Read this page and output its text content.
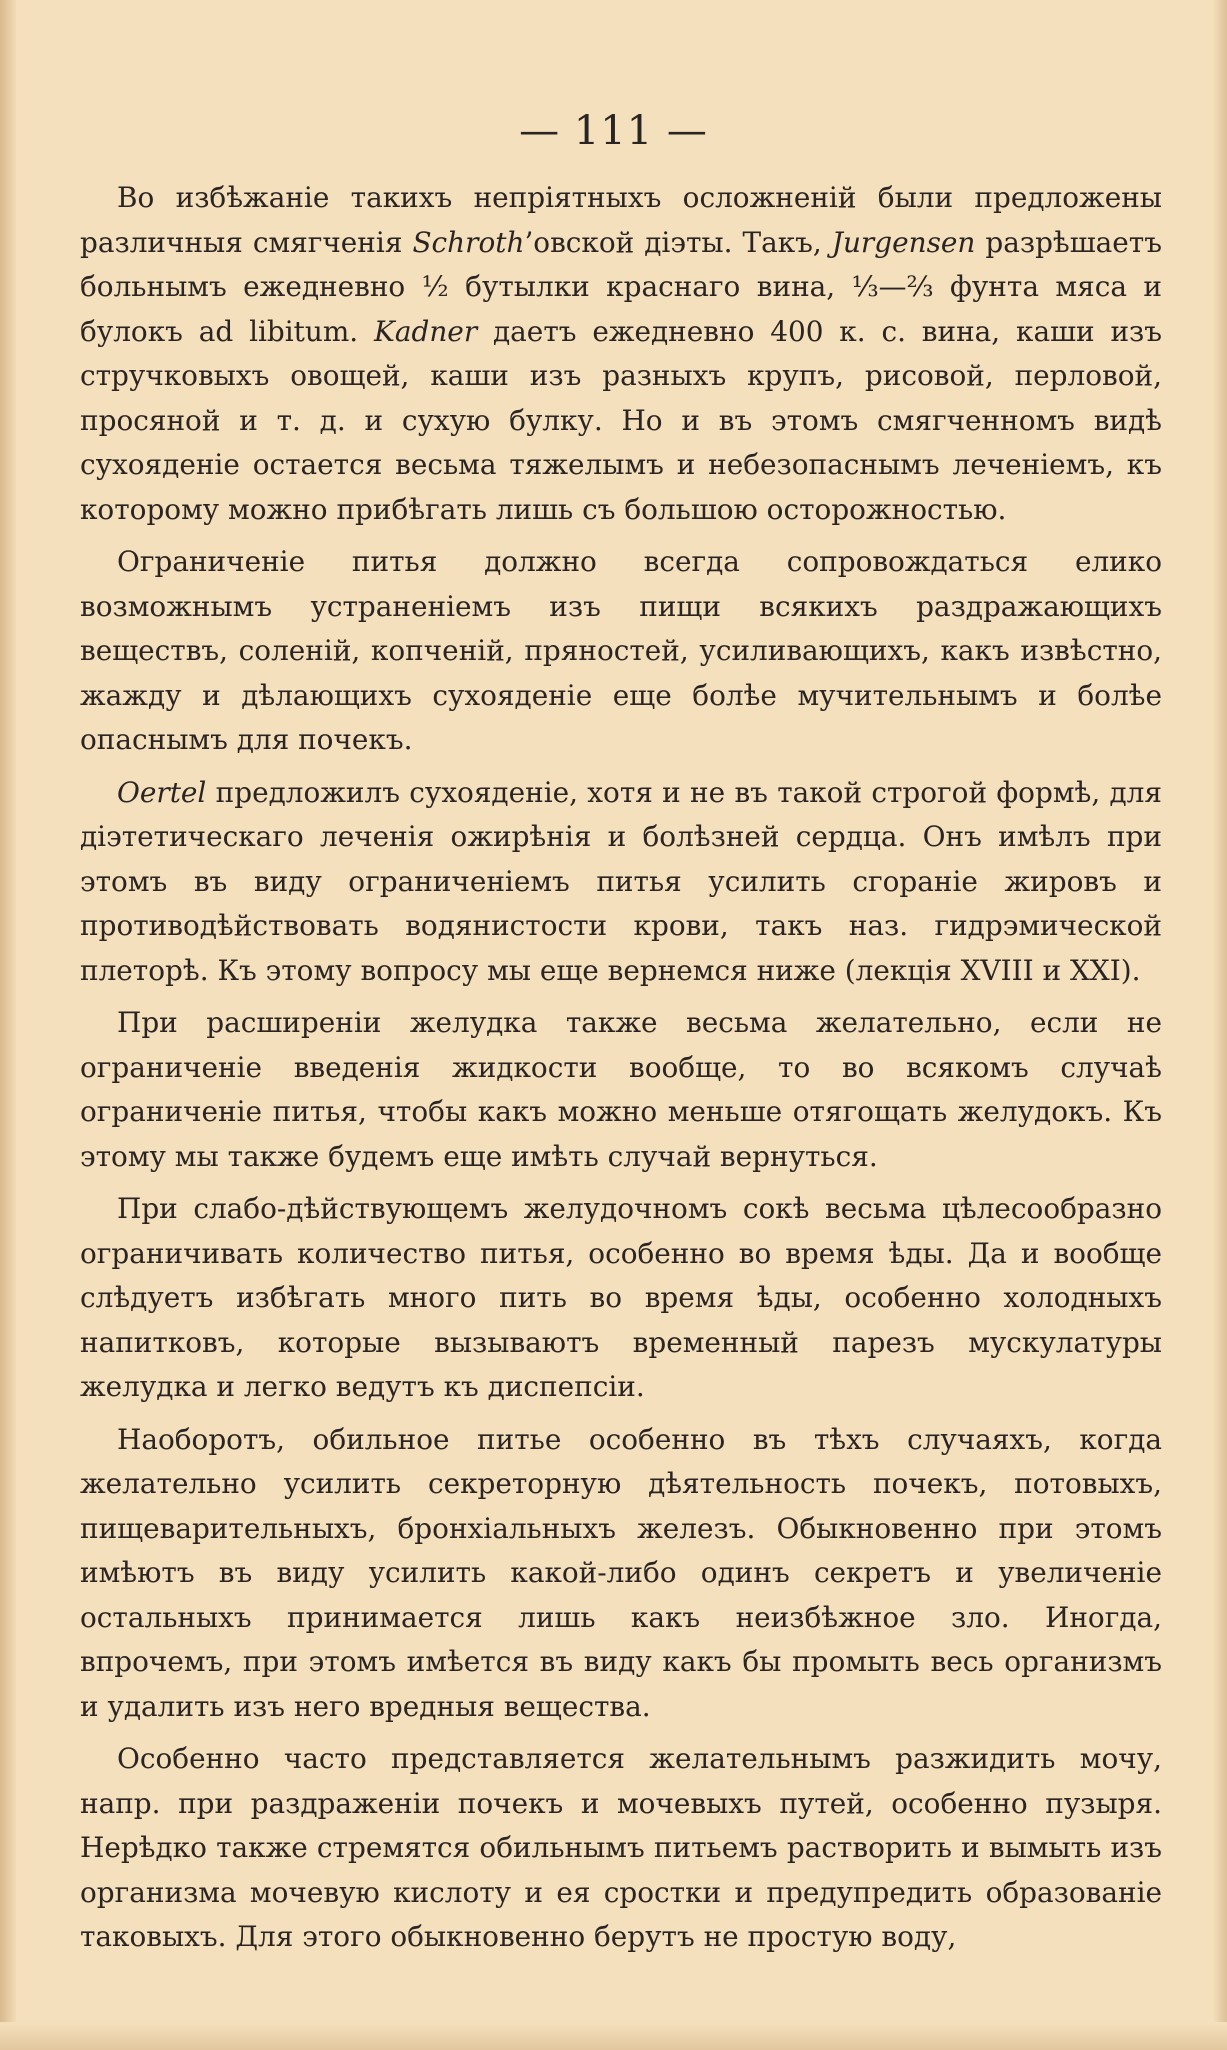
— 111 —

Во избѣжаніе такихъ непріятныхъ осложненій были предложены различныя смягченія Schroth’овской діэты. Такъ, Jurgensen разрѣшаетъ больнымъ ежедневно ½ бутылки краснаго вина, ⅓—⅔ фунта мяса и булокъ ad libitum. Kadner даетъ ежедневно 400 к. с. вина, каши изъ стручковыхъ овощей, каши изъ разныхъ крупъ, рисовой, перловой, просяной и т. д. и сухую булку. Но и въ этомъ смягченномъ видѣ сухояденіе остается весьма тяжелымъ и небезопаснымъ леченіемъ, къ которому можно прибѣгать лишь съ большою осторожностью.

Ограниченіе питья должно всегда сопровождаться елико возможнымъ устраненіемъ изъ пищи всякихъ раздражающихъ веществъ, соленій, копченій, пряностей, усиливающихъ, какъ извѣстно, жажду и дѣлающихъ сухояденіе еще болѣе мучительнымъ и болѣе опаснымъ для почекъ.

Oertel предложилъ сухояденіе, хотя и не въ такой строгой формѣ, для діэтетическаго леченія ожирѣнія и болѣзней сердца. Онъ имѣлъ при этомъ въ виду ограниченіемъ питья усилить сгораніе жировъ и противодѣйствовать водянистости крови, такъ наз. гидрэмической плеторѣ. Къ этому вопросу мы еще вернемся ниже (лекція XVIII и XXI).

При расширеніи желудка также весьма желательно, если не ограниченіе введенія жидкости вообще, то во всякомъ случаѣ ограниченіе питья, чтобы какъ можно меньше отягощать желудокъ. Къ этому мы также будемъ еще имѣть случай вернуться.

При слабо-дѣйствующемъ желудочномъ сокѣ весьма цѣлесообразно ограничивать количество питья, особенно во время ѣды. Да и вообще слѣдуетъ избѣгать много пить во время ѣды, особенно холодныхъ напитковъ, которые вызываютъ временный парезъ мускулатуры желудка и легко ведутъ къ диспепсіи.

Наоборотъ, обильное питье особенно въ тѣхъ случаяхъ, когда желательно усилить секреторную дѣятельность почекъ, потовыхъ, пищеварительныхъ, бронхіальныхъ железъ. Обыкновенно при этомъ имѣютъ въ виду усилить какой-либо одинъ секретъ и увеличеніе остальныхъ принимается лишь какъ неизбѣжное зло. Иногда, впрочемъ, при этомъ имѣется въ виду какъ бы промыть весь организмъ и удалить изъ него вредныя вещества.

Особенно часто представляется желательнымъ разжидить мочу, напр. при раздраженіи почекъ и мочевыхъ путей, особенно пузыря. Нерѣдко также стремятся обильнымъ питьемъ растворить и вымыть изъ организма мочевую кислоту и ея сростки и предупредить образованіе таковыхъ. Для этого обыкновенно берутъ не простую воду,
